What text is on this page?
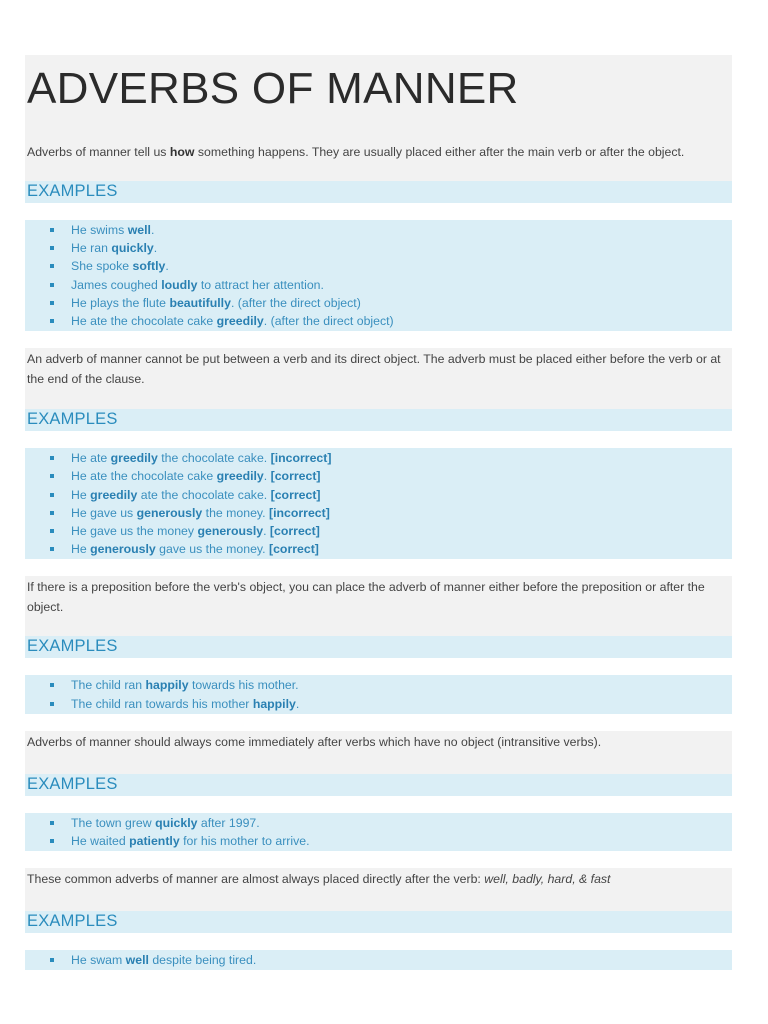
ADVERBS OF MANNER
Adverbs of manner tell us how something happens. They are usually placed either after the main verb or after the object.
EXAMPLES
He swims well.
He ran quickly.
She spoke softly.
James coughed loudly to attract her attention.
He plays the flute beautifully. (after the direct object)
He ate the chocolate cake greedily. (after the direct object)
An adverb of manner cannot be put between a verb and its direct object. The adverb must be placed either before the verb or at the end of the clause.
EXAMPLES
He ate greedily the chocolate cake. [incorrect]
He ate the chocolate cake greedily. [correct]
He greedily ate the chocolate cake. [correct]
He gave us generously the money. [incorrect]
He gave us the money generously. [correct]
He generously gave us the money. [correct]
If there is a preposition before the verb's object, you can place the adverb of manner either before the preposition or after the object.
EXAMPLES
The child ran happily towards his mother.
The child ran towards his mother happily.
Adverbs of manner should always come immediately after verbs which have no object (intransitive verbs).
EXAMPLES
The town grew quickly after 1997.
He waited patiently for his mother to arrive.
These common adverbs of manner are almost always placed directly after the verb: well, badly, hard, & fast
EXAMPLES
He swam well despite being tired.
